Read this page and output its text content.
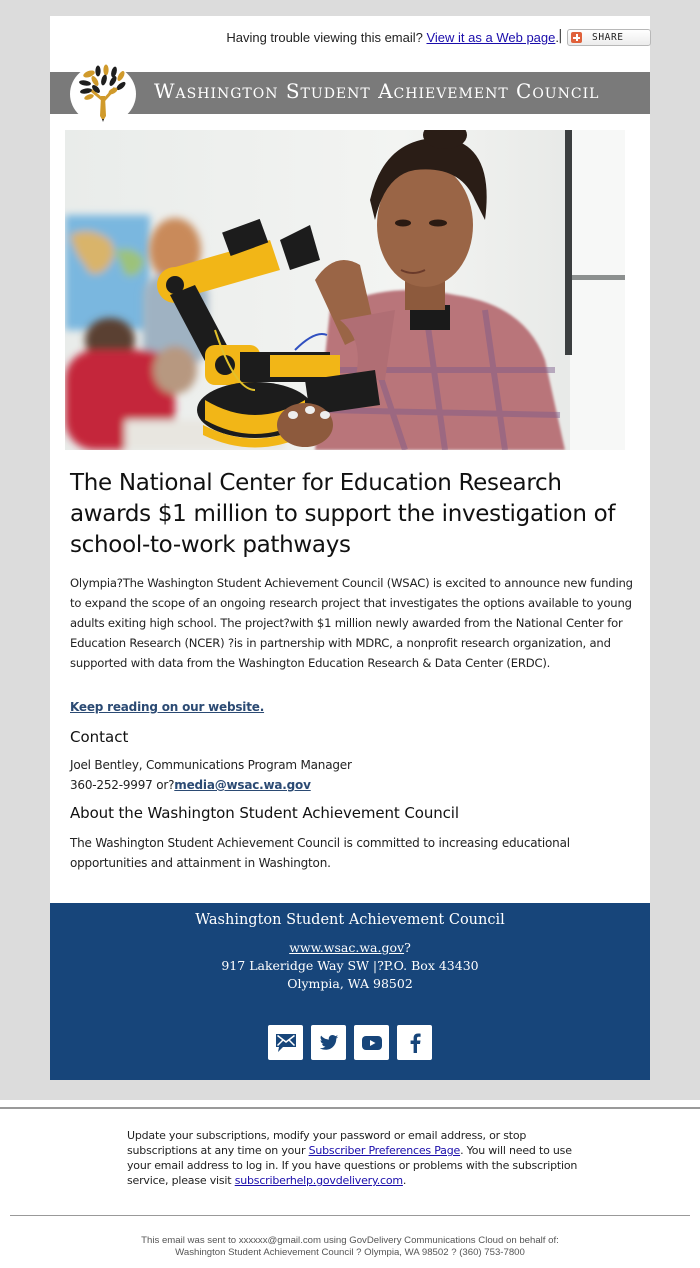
Having trouble viewing this email? View it as a Web page. |	SHARE
Washington Student Achievement Council
The National Center for Education Research awards $1 million to support the investigation of school-to-work pathways

Olympia?The Washington Student Achievement Council (WSAC) is excited to announce new funding to expand the scope of an ongoing research project that investigates the options available to young adults exiting high school. The project?with $1 million newly awarded from the National Center for Education Research (NCER) ?is in partnership with MDRC, a nonprofit research organization, and supported with data from the Washington Education Research & Data Center (ERDC).

Keep reading on our website.
Contact
Joel Bentley, Communications Program Manager
360-252-9997 or?media@wsac.wa.gov
About the Washington Student Achievement Council

The Washington Student Achievement Council is committed to increasing educational opportunities and attainment in Washington.

Washington Student Achievement Council
www.wsac.wa.gov?
917 Lakeridge Way SW |?P.O. Box 43430
Olympia, WA 98502

Update your subscriptions, modify your password or email address, or stop subscriptions at any time on your Subscriber Preferences Page. You will need to use your email address to log in. If you have questions or problems with the subscription service, please visit subscriberhelp.govdelivery.com.

This email was sent to xxxxxx@gmail.com using GovDelivery Communications Cloud on behalf of:
Washington Student Achievement Council ? Olympia, WA 98502 ? (360) 753-7800
